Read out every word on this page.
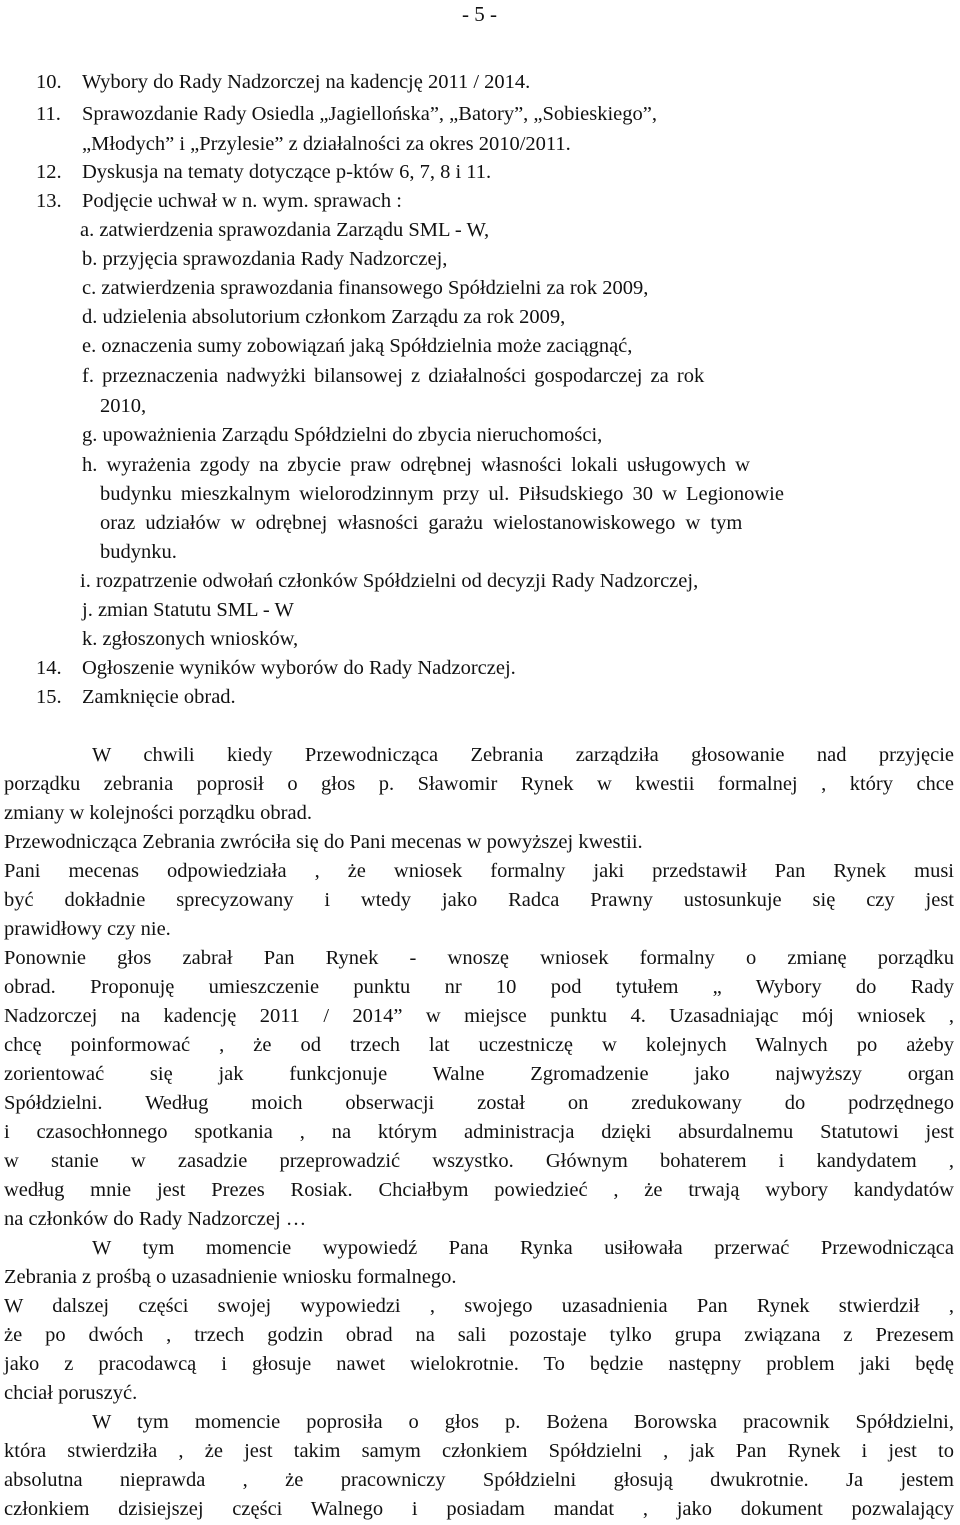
- 5 -
10. Wybory do Rady Nadzorczej na kadencję 2011 / 2014.
11. Sprawozdanie Rady Osiedla „Jagiellońska”, „Batory”, „Sobieskiego”,
„Młodych” i „Przylesie” z działalności za okres 2010/2011.
12. Dyskusja na tematy dotyczące p-któw 6, 7, 8 i 11.
13. Podjęcie uchwał w n. wym. sprawach :
a. zatwierdzenia sprawozdania Zarządu SML - W,
b. przyjęcia sprawozdania Rady Nadzorczej,
c. zatwierdzenia sprawozdania finansowego Spółdzielni za rok 2009,
d. udzielenia absolutorium członkom Zarządu za rok 2009,
e. oznaczenia sumy zobowiązań jaką Spółdzielnia może zaciągnąć,
f. przeznaczenia nadwyżki bilansowej z działalności gospodarczej za rok
2010,
g. upoważnienia Zarządu Spółdzielni do zbycia nieruchomości,
h. wyrażenia zgody na zbycie praw odrębnej własności lokali usługowych w
budynku mieszkalnym wielorodzinnym przy ul. Piłsudskiego 30 w Legionowie
oraz udziałów w odrębnej własności garażu wielostanowiskowego w tym
budynku.
i. rozpatrzenie odwołań członków Spółdzielni od decyzji Rady Nadzorczej,
j. zmian Statutu SML - W
k. zgłoszonych wniosków,
14. Ogłoszenie wyników wyborów do Rady Nadzorczej.
15. Zamknięcie obrad.
W chwili kiedy Przewodnicząca Zebrania zarządziła głosowanie nad przyjęcie
porządku zebrania poprosił o głos p. Sławomir Rynek w kwestii formalnej , który chce
zmiany w kolejności porządku obrad.
Przewodnicząca Zebrania zwróciła się do Pani mecenas w powyższej kwestii.
Pani mecenas odpowiedziała , że wniosek formalny jaki przedstawił Pan Rynek musi
być dokładnie sprecyzowany i wtedy jako Radca Prawny ustosunkuje się czy jest
prawidłowy czy nie.
Ponownie głos zabrał Pan Rynek - wnoszę wniosek formalny o zmianę porządku
obrad. Proponuję umieszczenie punktu nr 10 pod tytułem „ Wybory do Rady
Nadzorczej na kadencję 2011 / 2014” w miejsce punktu 4. Uzasadniając mój wniosek ,
chcę poinformować , że od trzech lat uczestniczę w kolejnych Walnych po ażeby
zorientować się jak funkcjonuje Walne Zgromadzenie jako najwyższy organ
Spółdzielni. Według moich obserwacji został on zredukowany do podrzędnego
i czasochłonnego spotkania , na którym administracja dzięki absurdalnemu Statutowi jest
w stanie w zasadzie przeprowadzić wszystko. Głównym bohaterem i kandydatem ,
według mnie jest Prezes Rosiak. Chciałbym powiedzieć , że trwają wybory kandydatów
na członków do Rady Nadzorczej …
W tym momencie wypowiedź Pana Rynka usiłowała przerwać Przewodnicząca
Zebrania z prośbą o uzasadnienie wniosku formalnego.
W dalszej części swojej wypowiedzi , swojego uzasadnienia Pan Rynek stwierdził ,
że po dwóch , trzech godzin obrad na sali pozostaje tylko grupa związana z Prezesem
jako z pracodawcą i głosuje nawet wielokrotnie. To będzie następny problem jaki będę
chciał poruszyć.
W tym momencie poprosiła o głos p. Bożena Borowska pracownik Spółdzielni,
która stwierdziła , że jest takim samym członkiem Spółdzielni , jak Pan Rynek i jest to
absolutna nieprawda , że pracowniczy Spółdzielni głosują dwukrotnie. Ja jestem
członkiem dzisiejszej części Walnego i posiadam mandat , jako dokument pozwalający
